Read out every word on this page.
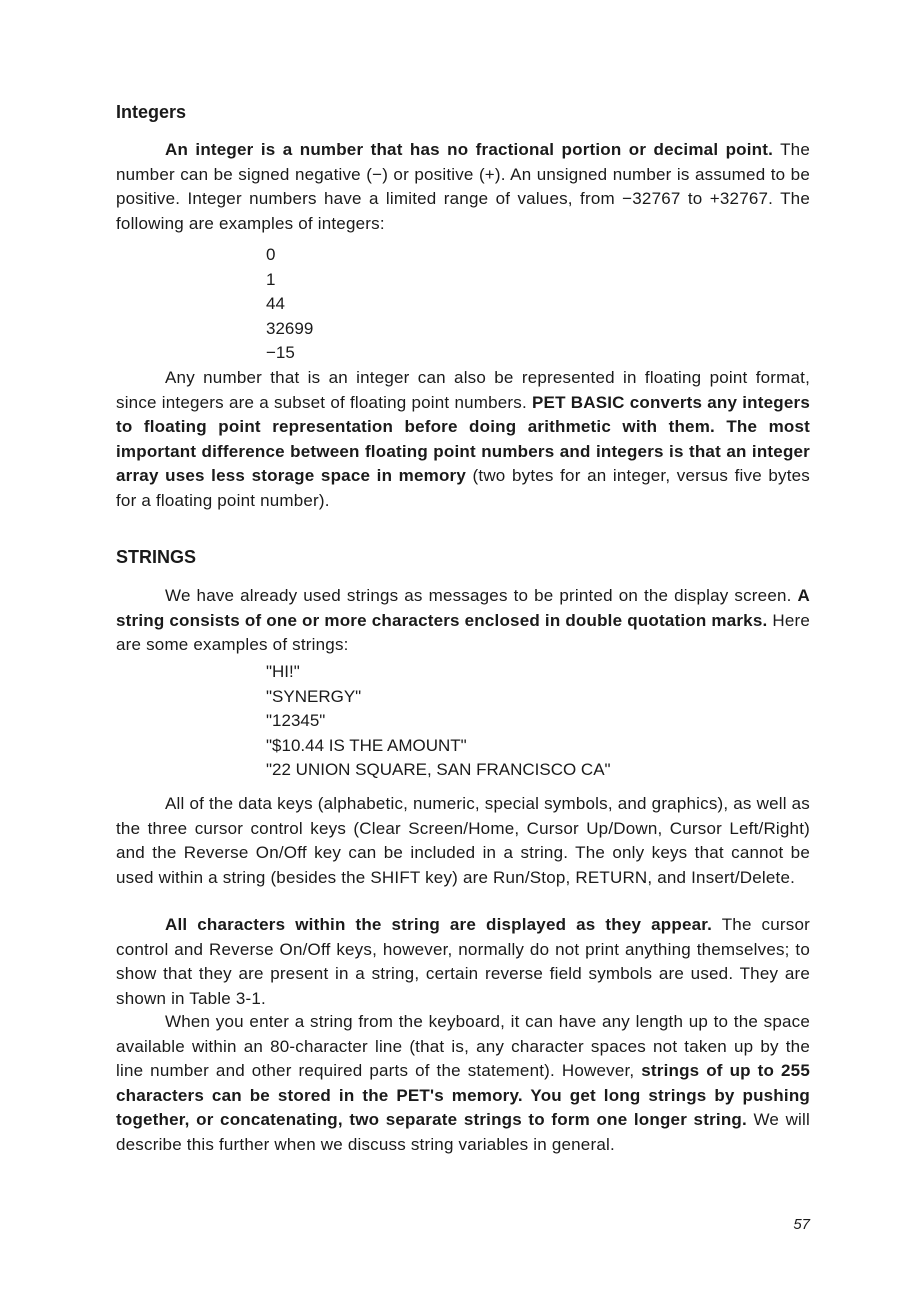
Integers

An integer is a number that has no fractional portion or decimal point. The number can be signed negative (−) or positive (+). An unsigned number is assumed to be positive. Integer numbers have a limited range of values, from −32767 to +32767. The following are examples of integers:

0
1
44
32699
−15

Any number that is an integer can also be represented in floating point format, since integers are a subset of floating point numbers. PET BASIC converts any integers to floating point representation before doing arithmetic with them. The most important difference between floating point numbers and integers is that an integer array uses less storage space in memory (two bytes for an integer, versus five bytes for a floating point number).

STRINGS

We have already used strings as messages to be printed on the display screen. A string consists of one or more characters enclosed in double quotation marks. Here are some examples of strings:

"HI!"
"SYNERGY"
"12345"
"$10.44 IS THE AMOUNT"
"22 UNION SQUARE, SAN FRANCISCO CA"

All of the data keys (alphabetic, numeric, special symbols, and graphics), as well as the three cursor control keys (Clear Screen/Home, Cursor Up/Down, Cursor Left/Right) and the Reverse On/Off key can be included in a string. The only keys that cannot be used within a string (besides the SHIFT key) are Run/Stop, RETURN, and Insert/Delete.

All characters within the string are displayed as they appear. The cursor control and Reverse On/Off keys, however, normally do not print anything themselves; to show that they are present in a string, certain reverse field symbols are used. They are shown in Table 3-1.

When you enter a string from the keyboard, it can have any length up to the space available within an 80-character line (that is, any character spaces not taken up by the line number and other required parts of the statement). However, strings of up to 255 characters can be stored in the PET's memory. You get long strings by pushing together, or concatenating, two separate strings to form one longer string. We will describe this further when we discuss string variables in general.

57
